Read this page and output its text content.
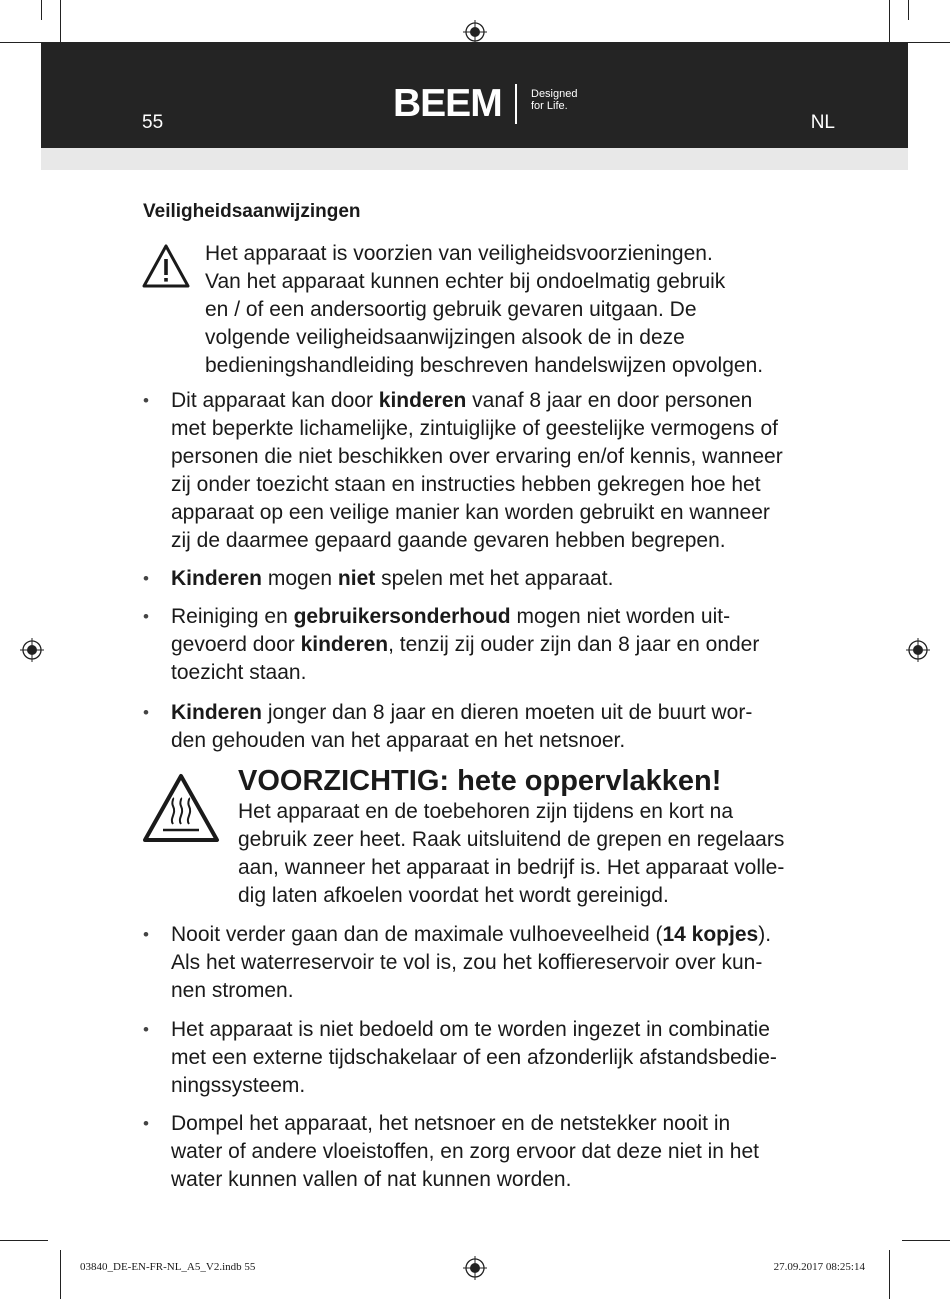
55	BEEM	Designed
for Life.
NL
Veiligheidsaanwijzingen
Het apparaat is voorzien van veiligheidsvoorzieningen.
Van het apparaat kunnen echter bij ondoelmatig gebruik
en / of een andersoortig gebruik gevaren uitgaan. De
volgende veiligheidsaanwijzingen alsook de in deze
bedieningshandleiding beschreven handelswijzen opvolgen.
• Dit apparaat kan door kinderen vanaf 8 jaar en door personen
met beperkte lichamelijke, zintuiglijke of geestelijke vermogens of
personen die niet beschikken over ervaring en/of kennis, wanneer
zij onder toezicht staan en instructies hebben gekregen hoe het
apparaat op een veilige manier kan worden gebruikt en wanneer
zij de daarmee gepaard gaande gevaren hebben begrepen.
• Kinderen mogen niet spelen met het apparaat.
• Reiniging en gebruikersonderhoud mogen niet worden uit-
gevoerd door kinderen, tenzij zij ouder zijn dan 8 jaar en onder
toezicht staan.
• Kinderen jonger dan 8 jaar en dieren moeten uit de buurt wor-
den gehouden van het apparaat en het netsnoer.
VOORZICHTIG: hete oppervlakken!
Het apparaat en de toebehoren zijn tijdens en kort na
gebruik zeer heet. Raak uitsluitend de grepen en regelaars
aan, wanneer het apparaat in bedrijf is. Het apparaat volle-
dig laten afkoelen voordat het wordt gereinigd.
• Nooit verder gaan dan de maximale vulhoeveelheid (14 kopjes).
Als het waterreservoir te vol is, zou het koffiereservoir over kun-
nen stromen.
• Het apparaat is niet bedoeld om te worden ingezet in combinatie
met een externe tijdschakelaar of een afzonderlijk afstandsbedie-
ningssysteem.
• Dompel het apparaat, het netsnoer en de netstekker nooit in
water of andere vloeistoffen, en zorg ervoor dat deze niet in het
water kunnen vallen of nat kunnen worden.
03840_DE-EN-FR-NL_A5_V2.indb 55	27.09.2017 08:25:14
